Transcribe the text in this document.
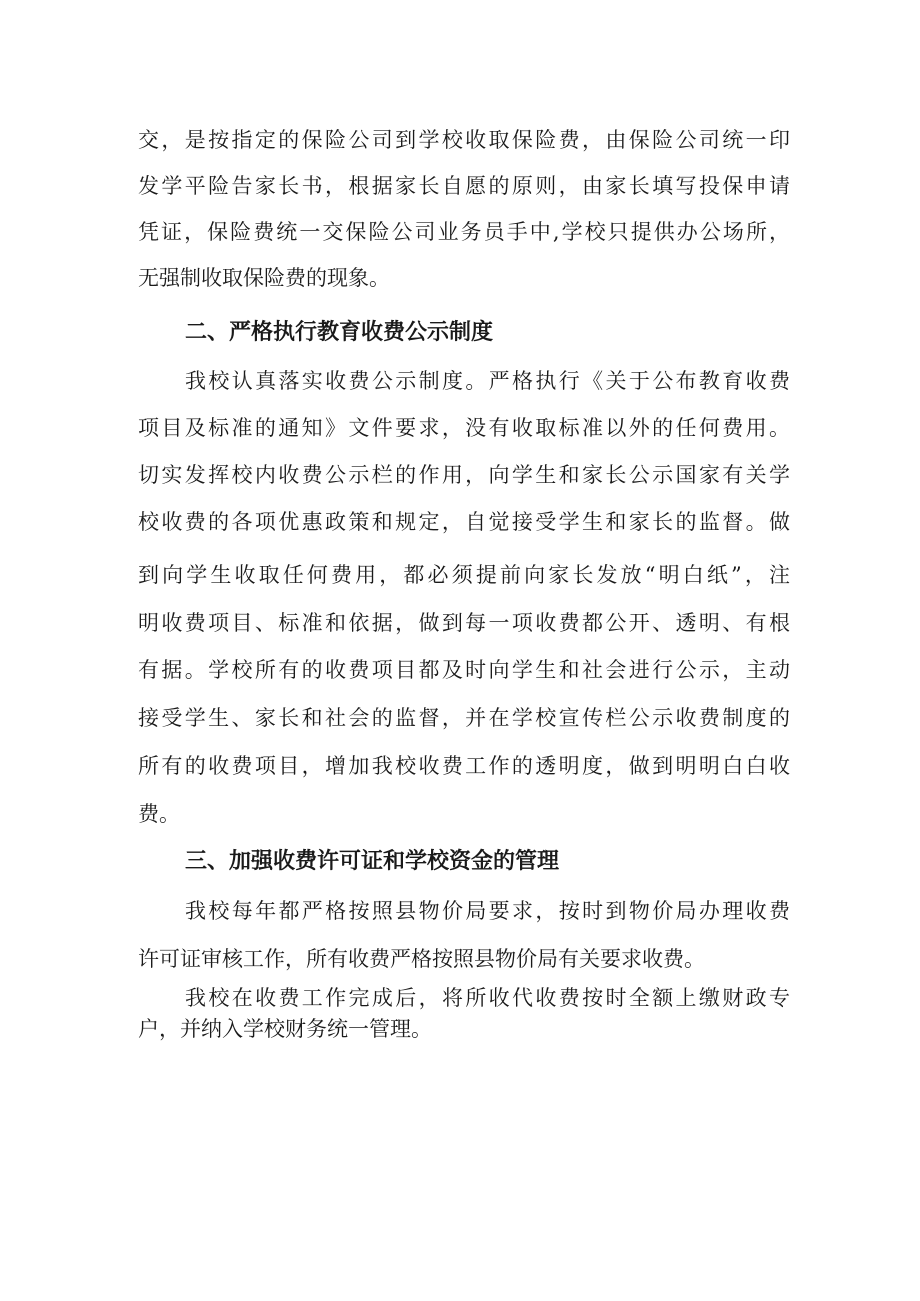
交，是按指定的保险公司到学校收取保险费，由保险公司统一印
发学平险告家长书，根据家长自愿的原则，由家长填写投保申请
凭证，保险费统一交保险公司业务员手中,学校只提供办公场所，
无强制收取保险费的现象。
二、严格执行教育收费公示制度
我校认真落实收费公示制度。严格执行《关于公布教育收费
项目及标准的通知》文件要求，没有收取标准以外的任何费用。
切实发挥校内收费公示栏的作用，向学生和家长公示国家有关学
校收费的各项优惠政策和规定，自觉接受学生和家长的监督。做
到向学生收取任何费用，都必须提前向家长发放“明白纸”，注
明收费项目、标准和依据，做到每一项收费都公开、透明、有根
有据。学校所有的收费项目都及时向学生和社会进行公示，主动
接受学生、家长和社会的监督，并在学校宣传栏公示收费制度的
所有的收费项目，增加我校收费工作的透明度，做到明明白白收
费。
三、加强收费许可证和学校资金的管理
我校每年都严格按照县物价局要求，按时到物价局办理收费
许可证审核工作，所有收费严格按照县物价局有关要求收费。
我校在收费工作完成后，将所收代收费按时全额上缴财政专
户，并纳入学校财务统一管理。
